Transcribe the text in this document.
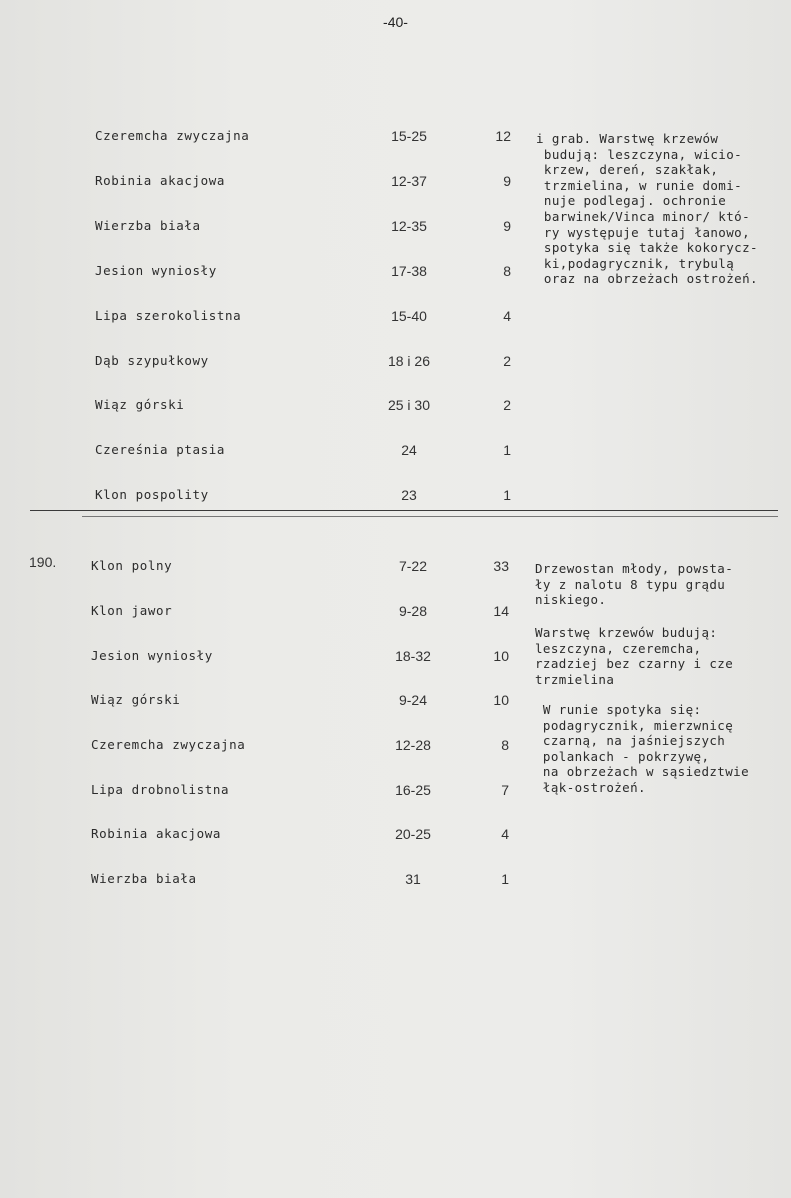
-40-
Czeremcha zwyczajna	15-25	12
Robinia akacjowa	12-37	9
Wierzba biała	12-35	9
Jesion wyniosły	17-38	8
Lipa szerokolistna	15-40	4
Dąb szypułkowy	18 i 26	2
Wiąz górski	25 i 30	2
Czereśnia ptasia	24	1
Klon pospolity	23	1
i grab. Warstwę krzewów
budują: leszczyna, wicio-
krzew, dereń, szakłak,
trzmielina, w runie domi-
nuje podlegaj. ochronie
barwinek/Vinca minor/ któ-
ry występuje tutaj łanowo,
spotyka się także kokorycz-
ki,podagrycznik, trybulą
oraz na obrzeżach ostrożeń.
190.	Klon polny	7-22	33
Klon jawor	9-28	14
Jesion wyniosły	18-32	10
Wiąz górski	9-24	10
Czeremcha zwyczajna	12-28	8
Lipa drobnolistna	16-25	7
Robinia akacjowa	20-25	4
Wierzba biała	31	1
Drzewostan młody, powsta-
ły z nalotu 8 typu grądu
niskiego.
Warstwę krzewów budują:
leszczyna, czeremcha,
rzadziej bez czarny i cze
trzmielina
W runie spotyka się:
podagrycznik, mierzwnicę
czarną, na jaśniejszych
polankach - pokrzywę,
na obrzeżach w sąsiedztwie
łąk-ostrożeń.
